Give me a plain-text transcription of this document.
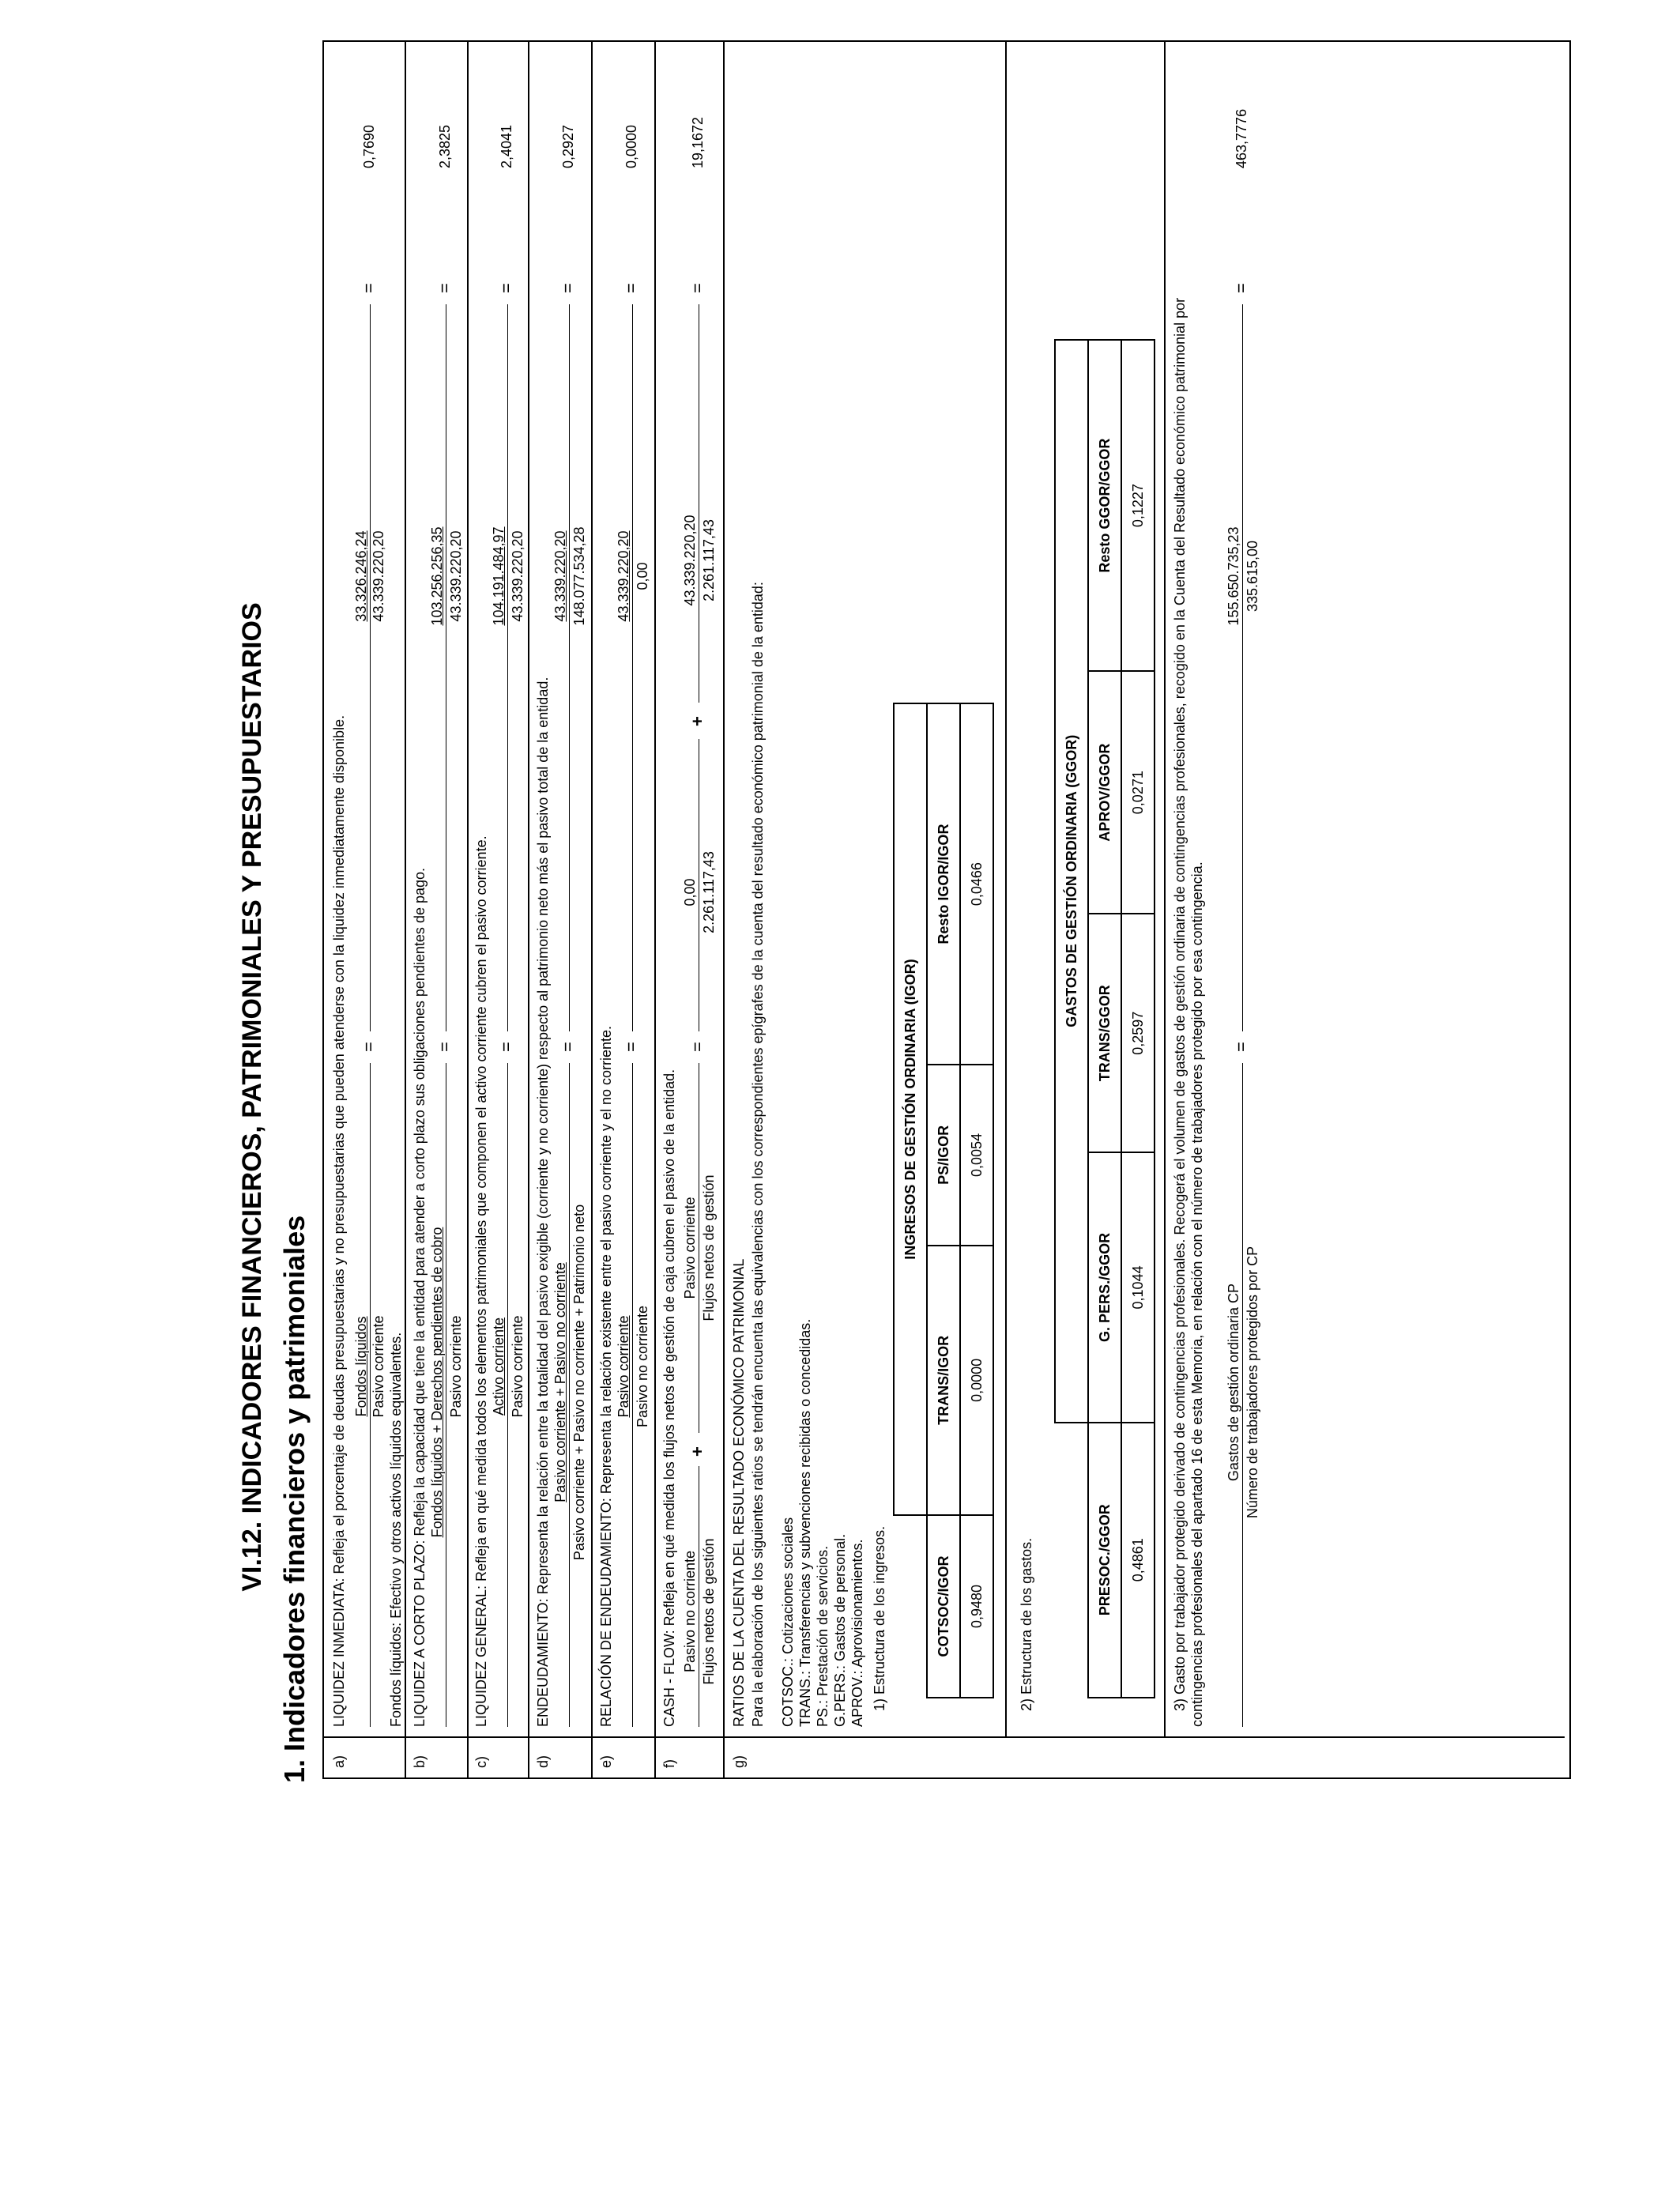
VI.12. INDICADORES FINANCIEROS, PATRIMONIALES Y PRESUPUESTARIOS 1. Indicadores financieros y patrimoniales a)
LIQUIDEZ INMEDIATA: Refleja el porcentaje de deudas presupuestarias y no presupuestarias que pueden atenderse con la liquidez inmediatamente disponible. Fondos líquidos Pasivo corriente
=
33.326.246,24 43.339.220,20
=
0,7690
Fondos líquidos: Efectivo y otros activos líquidos equivalentes.
b)
LIQUIDEZ A CORTO PLAZO: Refleja la capacidad que tiene la entidad para atender a corto plazo sus obligaciones pendientes de pago. Fondos líquidos + Derechos pendientes de cobro Pasivo corriente
=
103.256.256,35 43.339.220,20
=
2,3825
c)
LIQUIDEZ GENERAL: Refleja en qué medida todos los elementos patrimoniales que componen el activo corriente cubren el pasivo corriente. Activo corriente Pasivo corriente
=
104.191.484,97 43.339.220,20
=
2,4041
d)
ENDEUDAMIENTO: Representa la relación entre la totalidad del pasivo exigible (corriente y no corriente) respecto al patrimonio neto más el pasivo total de la entidad. Pasivo corriente + Pasivo no corriente Pasivo corriente + Pasivo no corriente + Patrimonio neto
=
43.339.220,20 148.077.534,28
=
0,2927
e)
RELACIÓN DE ENDEUDAMIENTO: Representa la relación existente entre el pasivo corriente y el no corriente. Pasivo corriente Pasivo no corriente
=
43.339.220,20 0,00
=
0,0000
f)
CASH - FLOW: Refleja en qué medida los flujos netos de gestión de caja cubren el pasivo de la entidad. Pasivo no corriente Flujos netos de gestión
+
Pasivo corriente Flujos netos de gestión
=
0,00 2.261.117,43
+
43.339.220,20 2.261.117,43
=
19,1672
g)
RATIOS DE LA CUENTA DEL RESULTADO ECONÓMICO PATRIMONIAL Para la elaboración de los siguientes ratios se tendrán encuenta las equivalencias con los correspondientes epígrafes de la cuenta del resultado económico patrimonial de la entidad: COTSOC.: Cotizaciones sociales TRANS.: Transferencias y subvenciones recibidas o concedidas. PS.: Prestación de servicios. G.PERS.: Gastos de personal. APROV.: Aprovisionamientos. 1) Estructura de los ingresos.
	INGRESOS DE GESTIÓN ORDINARIA (IGOR)		
COTSOC/IGOR	TRANS/IGOR	PS/IGOR	Resto IGOR/IGOR
0,9480	0,0000	0,0054	0,0466
2) Estructura de los gastos.
	GASTOS DE GESTIÓN ORDINARIA (GGOR)			
PRESOC./GGOR	G. PERS./GGOR	TRANS/GGOR	APROV/GGOR	Resto GGOR/GGOR
0,4861	0,1044	0,2597	0,0271	0,1227 3) Gasto por trabajador protegido derivado de contingencias profesionales. Recogerá el volumen de gastos de gestión ordinaria de contingencias profesionales, recogido en la Cuenta del Resultado económico patrimonial por contingencias profesionales del apartado 16 de esta Memoria, en relación con el número de trabajadores protegido por esa contingencia. Gastos de gestión ordinaria CP Número de trabajadores protegidos por CP
=
155.650.735,23 335.615,00
=
463,7776
